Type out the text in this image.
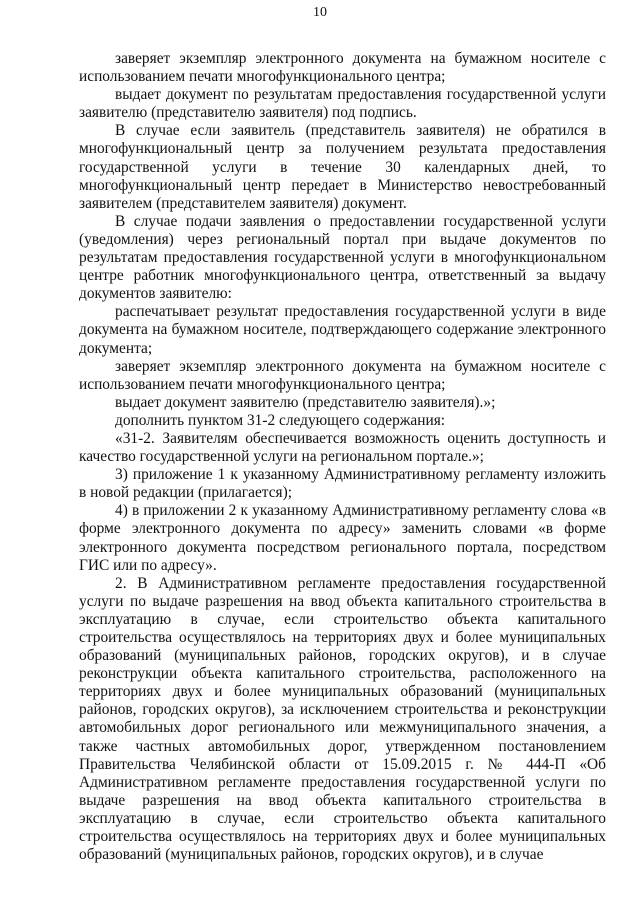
10

заверяет экземпляр электронного документа на бумажном носителе с использованием печати многофункционального центра;

выдает документ по результатам предоставления государственной услуги заявителю (представителю заявителя) под подпись.

В случае если заявитель (представитель заявителя) не обратился в многофункциональный центр за получением результата предоставления государственной услуги в течение 30 календарных дней, то многофункциональный центр передает в Министерство невостребованный заявителем (представителем заявителя) документ.

В случае подачи заявления о предоставлении государственной услуги (уведомления) через региональный портал при выдаче документов по результатам предоставления государственной услуги в многофункциональном центре работник многофункционального центра, ответственный за выдачу документов заявителю:

распечатывает результат предоставления государственной услуги в виде документа на бумажном носителе, подтверждающего содержание электронного документа;

заверяет экземпляр электронного документа на бумажном носителе с использованием печати многофункционального центра;

выдает документ заявителю (представителю заявителя).»;

дополнить пунктом 31-2 следующего содержания:

«31-2. Заявителям обеспечивается возможность оценить доступность и качество государственной услуги на региональном портале.»;

3) приложение 1 к указанному Административному регламенту изложить в новой редакции (прилагается);

4) в приложении 2 к указанному Административному регламенту слова «в форме электронного документа по адресу» заменить словами «в форме электронного документа посредством регионального портала, посредством ГИС или по адресу».

2. В Административном регламенте предоставления государственной услуги по выдаче разрешения на ввод объекта капитального строительства в эксплуатацию в случае, если строительство объекта капитального строительства осуществлялось на территориях двух и более муниципальных образований (муниципальных районов, городских округов), и в случае реконструкции объекта капитального строительства, расположенного на территориях двух и более муниципальных образований (муниципальных районов, городских округов), за исключением строительства и реконструкции автомобильных дорог регионального или межмуниципального значения, а также частных автомобильных дорог, утвержденном постановлением Правительства Челябинской области от 15.09.2015 г. № 444-П «Об Административном регламенте предоставления государственной услуги по выдаче разрешения на ввод объекта капитального строительства в эксплуатацию в случае, если строительство объекта капитального строительства осуществлялось на территориях двух и более муниципальных образований (муниципальных районов, городских округов), и в случае
